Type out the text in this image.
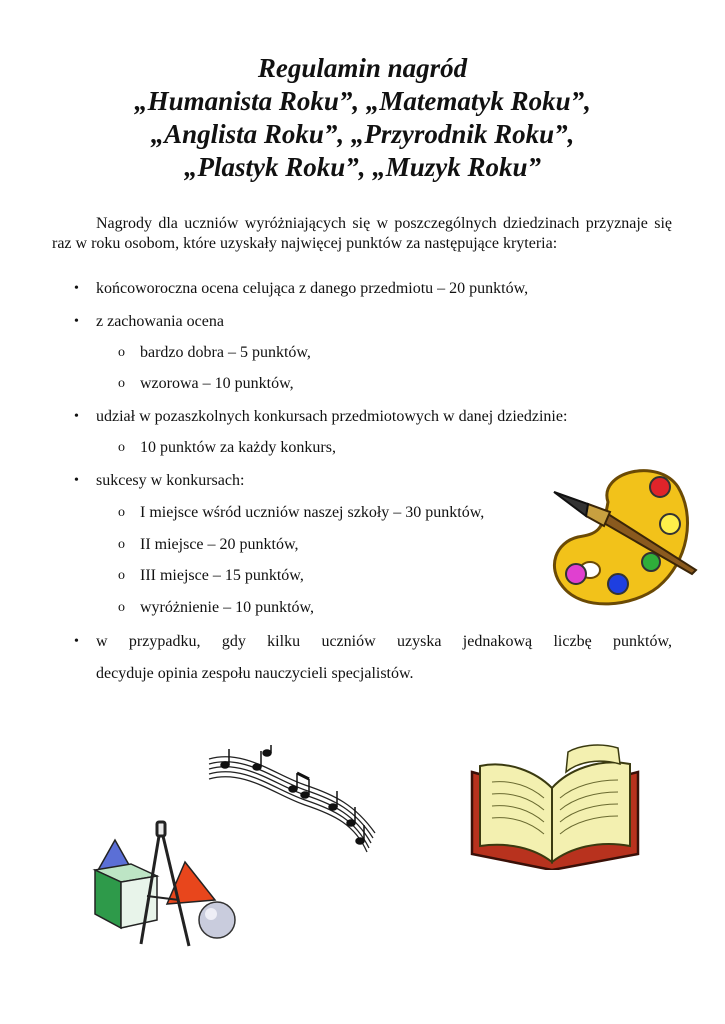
Regulamin nagród
„Humanista Roku”, „Matematyk Roku”,
„Anglista Roku”, „Przyrodnik Roku”,
„Plastyk Roku”, „Muzyk Roku”

Nagrody dla uczniów wyróżniających się w poszczególnych dziedzinach przyznaje się raz w roku osobom, które uzyskały najwięcej punktów za następujące kryteria:

• końcoworoczna ocena celująca z danego przedmiotu – 20 punktów,
• z zachowania ocena
o bardzo dobra – 5 punktów,
o wzorowa – 10 punktów,
• udział w pozaszkolnych konkursach przedmiotowych w danej dziedzinie:
o 10 punktów za każdy konkurs,
• sukcesy w konkursach:
o I miejsce wśród uczniów naszej szkoły – 30 punktów,
o II miejsce – 20 punktów,
o III miejsce – 15 punktów,
o wyróżnienie – 10 punktów,
• w przypadku, gdy kilku uczniów uzyska jednakową liczbę punktów,
decyduje opinia zespołu nauczycieli specjalistów.
